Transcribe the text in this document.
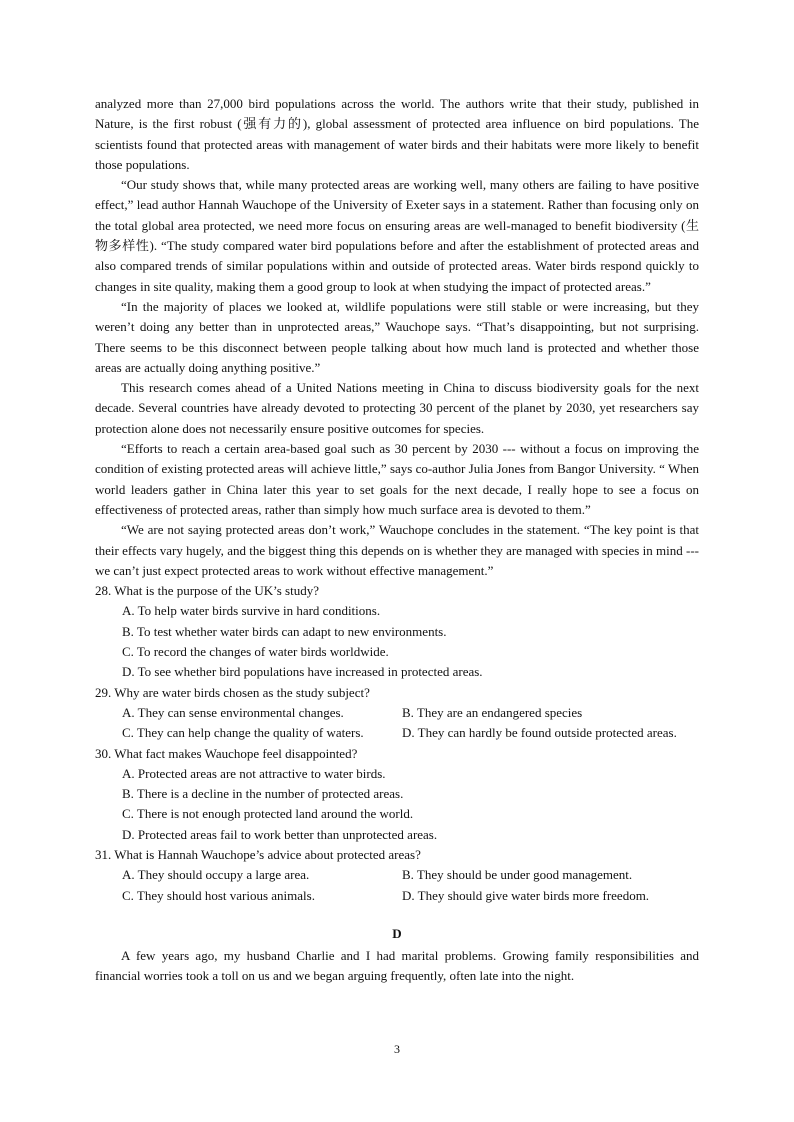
analyzed more than 27,000 bird populations across the world. The authors write that their study, published in Nature, is the first robust (强有力的), global assessment of protected area influence on bird populations. The scientists found that protected areas with management of water birds and their habitats were more likely to benefit those populations.

“Our study shows that, while many protected areas are working well, many others are failing to have positive effect,” lead author Hannah Wauchope of the University of Exeter says in a statement. Rather than focusing only on the total global area protected, we need more focus on ensuring areas are well-managed to benefit biodiversity (生物多样性). “The study compared water bird populations before and after the establishment of protected areas and also compared trends of similar populations within and outside of protected areas. Water birds respond quickly to changes in site quality, making them a good group to look at when studying the impact of protected areas.”

“In the majority of places we looked at, wildlife populations were still stable or were increasing, but they weren’t doing any better than in unprotected areas,” Wauchope says. “That’s disappointing, but not surprising. There seems to be this disconnect between people talking about how much land is protected and whether those areas are actually doing anything positive.”

This research comes ahead of a United Nations meeting in China to discuss biodiversity goals for the next decade. Several countries have already devoted to protecting 30 percent of the planet by 2030, yet researchers say protection alone does not necessarily ensure positive outcomes for species.

“Efforts to reach a certain area-based goal such as 30 percent by 2030 --- without a focus on improving the condition of existing protected areas will achieve little,” says co-author Julia Jones from Bangor University. “ When world leaders gather in China later this year to set goals for the next decade, I really hope to see a focus on effectiveness of protected areas, rather than simply how much surface area is devoted to them.”

“We are not saying protected areas don’t work,” Wauchope concludes in the statement. “The key point is that their effects vary hugely, and the biggest thing this depends on is whether they are managed with species in mind --- we can’t just expect protected areas to work without effective management.”

28. What is the purpose of the UK’s study?
A. To help water birds survive in hard conditions.
B. To test whether water birds can adapt to new environments.
C. To record the changes of water birds worldwide.
D. To see whether bird populations have increased in protected areas.
29. Why are water birds chosen as the study subject?
A. They can sense environmental changes.	B. They are an endangered species
C. They can help change the quality of waters.	D. They can hardly be found outside protected areas.
30. What fact makes Wauchope feel disappointed?
A. Protected areas are not attractive to water birds.
B. There is a decline in the number of protected areas.
C. There is not enough protected land around the world.
D. Protected areas fail to work better than unprotected areas.
31. What is Hannah Wauchope’s advice about protected areas?
A. They should occupy a large area.	B. They should be under good management.
C. They should host various animals.	D. They should give water birds more freedom.
D

A few years ago, my husband Charlie and I had marital problems. Growing family responsibilities and financial worries took a toll on us and we began arguing frequently, often late into the night.

3
